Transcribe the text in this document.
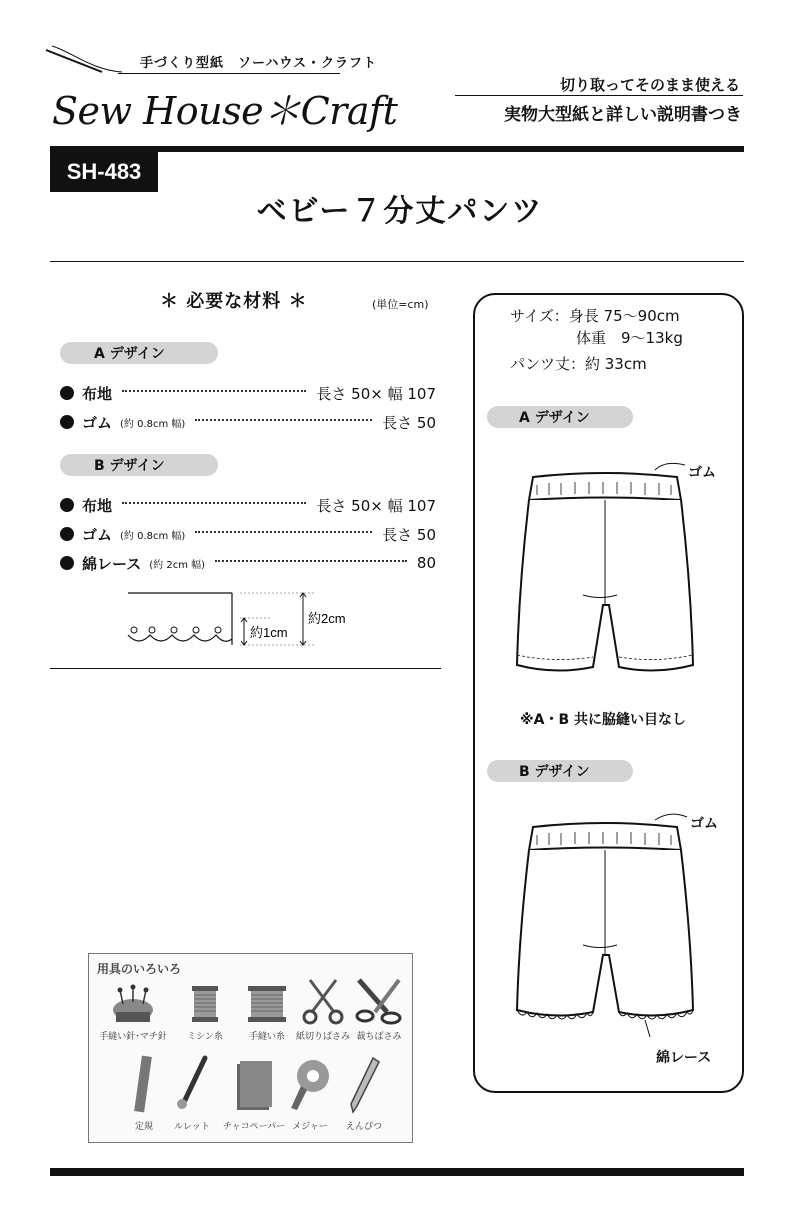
手づくり型紙　ソーハウス・クラフト
Sew House＊Craft
切り取ってそのまま使える
実物大型紙と詳しい説明書つき
SH-483
ベビー７分丈パンツ
＊ 必要な材料 ＊	(単位=cm)
A デザイン
布地	長さ 50× 幅 107
ゴム (約 0.8cm 幅)	長さ 50
B デザイン
布地	長さ 50× 幅 107
ゴム (約 0.8cm 幅)	長さ 50
綿レース (約 2cm 幅)	80
約1cm
約2cm
サイズ：身長 75〜90cm
体重　9〜13kg
パンツ丈：約 33cm
A デザイン
ゴム
※A・B 共に脇縫い目なし
B デザイン
ゴム
綿レース
用具のいろいろ
手縫い針･マチ針	ミシン糸	手縫い糸	紙切りばさみ 裁ちばさみ
定規	ルレット	チャコペーパー メジャー	えんぴつ
